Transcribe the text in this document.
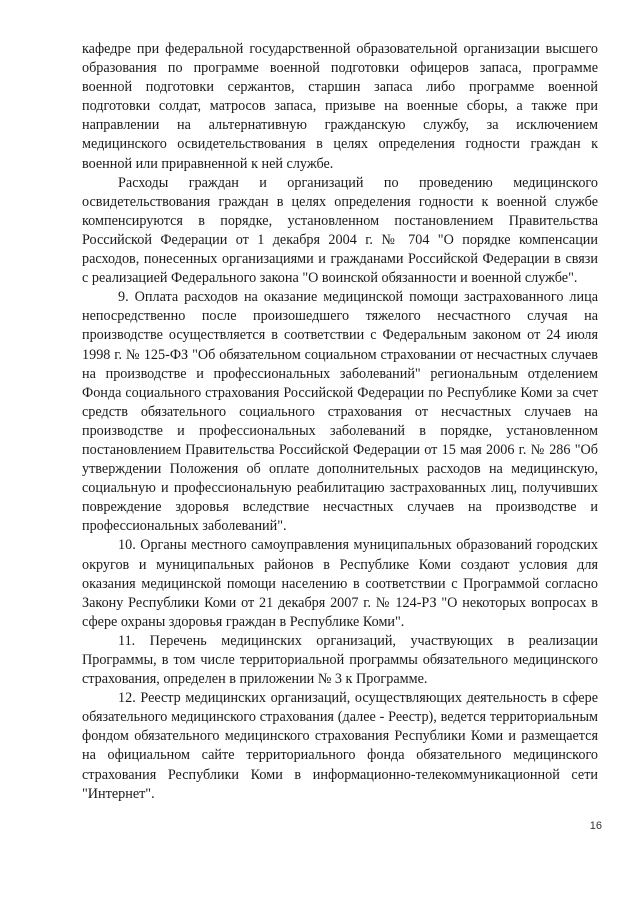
кафедре при федеральной государственной образовательной организации высшего образования по программе военной подготовки офицеров запаса, программе военной подготовки сержантов, старшин запаса либо программе военной подготовки солдат, матросов запаса, призыве на военные сборы, а также при направлении на альтернативную гражданскую службу, за исключением медицинского освидетельствования в целях определения годности граждан к военной или приравненной к ней службе.

Расходы граждан и организаций по проведению медицинского освидетельствования граждан в целях определения годности к военной службе компенсируются в порядке, установленном постановлением Правительства Российской Федерации от 1 декабря 2004 г. № 704 "О порядке компенсации расходов, понесенных организациями и гражданами Российской Федерации в связи с реализацией Федерального закона "О воинской обязанности и военной службе".

9. Оплата расходов на оказание медицинской помощи застрахованного лица непосредственно после произошедшего тяжелого несчастного случая на производстве осуществляется в соответствии с Федеральным законом от 24 июля 1998 г. № 125-ФЗ "Об обязательном социальном страховании от несчастных случаев на производстве и профессиональных заболеваний" региональным отделением Фонда социального страхования Российской Федерации по Республике Коми за счет средств обязательного социального страхования от несчастных случаев на производстве и профессиональных заболеваний в порядке, установленном постановлением Правительства Российской Федерации от 15 мая 2006 г. № 286 "Об утверждении Положения об оплате дополнительных расходов на медицинскую, социальную и профессиональную реабилитацию застрахованных лиц, получивших повреждение здоровья вследствие несчастных случаев на производстве и профессиональных заболеваний".

10. Органы местного самоуправления муниципальных образований городских округов и муниципальных районов в Республике Коми создают условия для оказания медицинской помощи населению в соответствии с Программой согласно Закону Республики Коми от 21 декабря 2007 г. № 124-РЗ "О некоторых вопросах в сфере охраны здоровья граждан в Республике Коми".

11. Перечень медицинских организаций, участвующих в реализации Программы, в том числе территориальной программы обязательного медицинского страхования, определен в приложении № 3 к Программе.

12. Реестр медицинских организаций, осуществляющих деятельность в сфере обязательного медицинского страхования (далее - Реестр), ведется территориальным фондом обязательного медицинского страхования Республики Коми и размещается на официальном сайте территориального фонда обязательного медицинского страхования Республики Коми в информационно-телекоммуникационной сети "Интернет".

16
